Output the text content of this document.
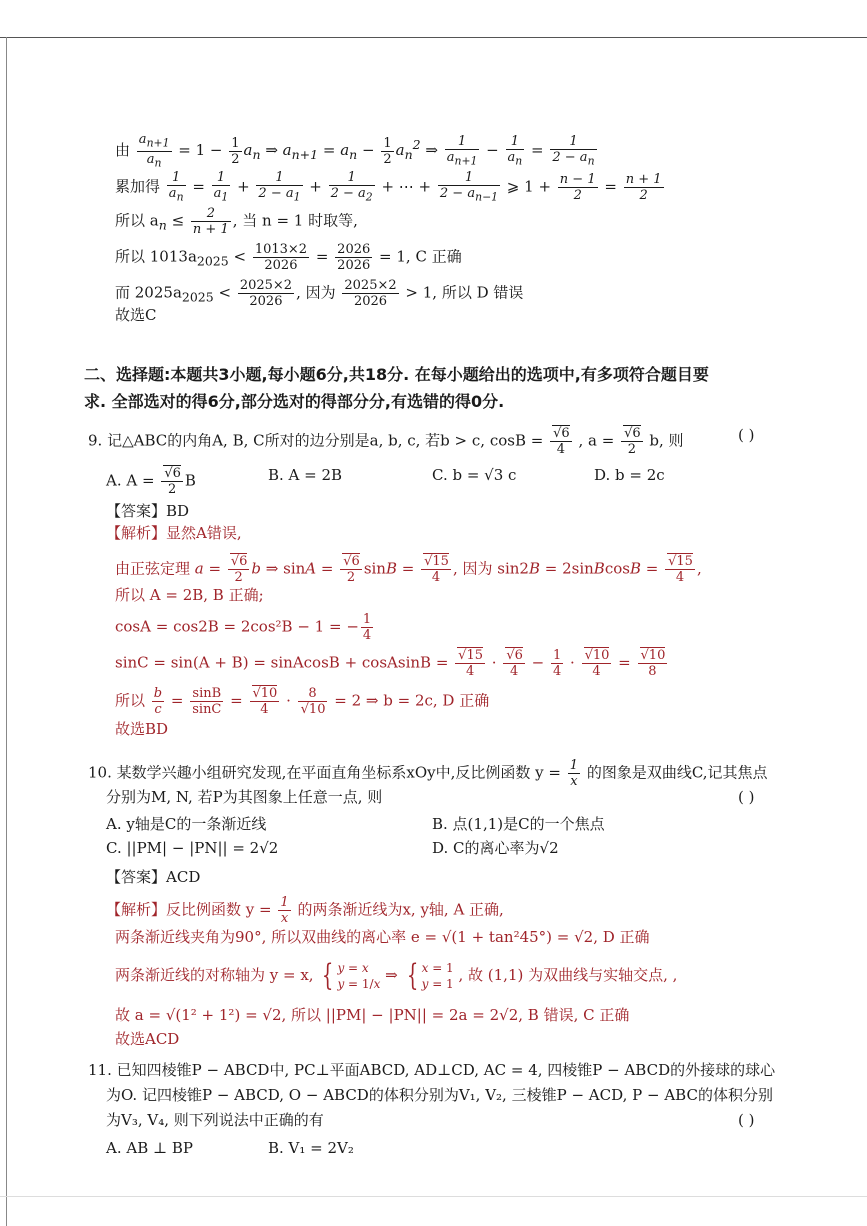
由 $\frac{a_{n+1}}{a_n} = 1 - \frac{1}{2} a_n$ ⇒ $a_{n+1} = a_n - \frac{1}{2} a_n^2$ ⇒ $\frac{1}{a_{n+1}} - \frac{1}{a_n} = \frac{1}{2 - a_n}$
累加得 $\frac{1}{a_n} = \frac{1}{a_1} + \frac{1}{2 - a_1} + \frac{1}{2 - a_2}$ + ⋯ + $\frac{1}{2 - a_{n-1}}$ ⩾ $1 + \frac{n - 1}{2} = \frac{n + 1}{2}$
所以 $a_n \le \frac{2}{n + 1}$ , 当 n = 1 时取等,
所以 $1013a_{2025} < \frac{1013\times 2}{2026} = \frac{2026}{2026} = 1$, C 正确
而 $2025a_{2025} < \frac{2025\times 2}{2026}$ , 因为 $\frac{2025\times 2}{2026} > 1$, 所以 D 错误
故选C
二、选择题:本题共3小题,每小题6分,共18分. 在每小题给出的选项中,有多项符合题目要
求. 全部选对的得6分,部分选对的得部分分,有选错的得0分.
9. 记△ABC的内角A, B, C所对的边分别是a, b, c, 若b > c, $\cos B = \frac{√6}{4}$ , $a = \frac{√6}{2} b$, 则	( )
A. $A = \frac{√6}{2}$ B	B. A = 2B	C. b = √3 c	D. b = 2c
【答案】BD
【解析】显然A错误,
由正弦定理 $a = \frac{√6}{2}$ b ⇒ $\sin A = \frac{√6}{2}$ $\sin B = \frac{√15}{4}$ , 因为 sin2B = 2sinBcosB = $\frac{√15}{4}$ ,
所以 A = 2B, B 正确;
cosA = cos2B = 2cos²B − 1 = − $\frac{1}{4}$
sinC = sin(A + B) = sinAcosB + cosAsinB = $\frac{√15}{4} \cdot \frac{√6}{4} - \frac{1}{4} \cdot \frac{√10}{4} = \frac{√10}{8}$
所以 $\frac{b}{c} = \frac{\sin B}{\sin C} = \frac{√10}{4} \cdot \frac{8}{√10} = 2$ ⇒ b = 2c, D 正确
故选BD
10. 某数学兴趣小组研究发现,在平面直角坐标系xOy中,反比例函数 $y = \frac{1}{x}$ 的图象是双曲线C,记其焦点
分别为M, N, 若P为其图象上任意一点, 则	( )
A. y轴是C的一条渐近线	B. 点(1,1)是C的一个焦点
C. ||PM| − |PN|| = 2√2	D. C的离心率为√2
【答案】ACD
【解析】反比例函数 $y = \frac{1}{x}$ 的两条渐近线为x, y轴, A 正确,
两条渐近线夹角为90°, 所以双曲线的离心率 e = √(1 + tan²45°) = √2, D 正确
两条渐近线的对称轴为 y = x, { y = x
y = 1/x ⇒ { x = 1
y = 1 , 故 (1,1) 为双曲线与实轴交点, ,
故 a = √(1² + 1²) = √2, 所以 ||PM| − |PN|| = 2a = 2√2, B 错误, C 正确
故选ACD
11. 已知四棱锥P − ABCD中, PC⊥平面ABCD, AD⊥CD, AC = 4, 四棱锥P − ABCD的外接球的球心
为O. 记四棱锥P − ABCD, O − ABCD的体积分别为V₁, V₂, 三棱锥P − ACD, P − ABC的体积分别
为V₃, V₄, 则下列说法中正确的有	( )
A. AB ⊥ BP	B. V₁ = 2V₂
